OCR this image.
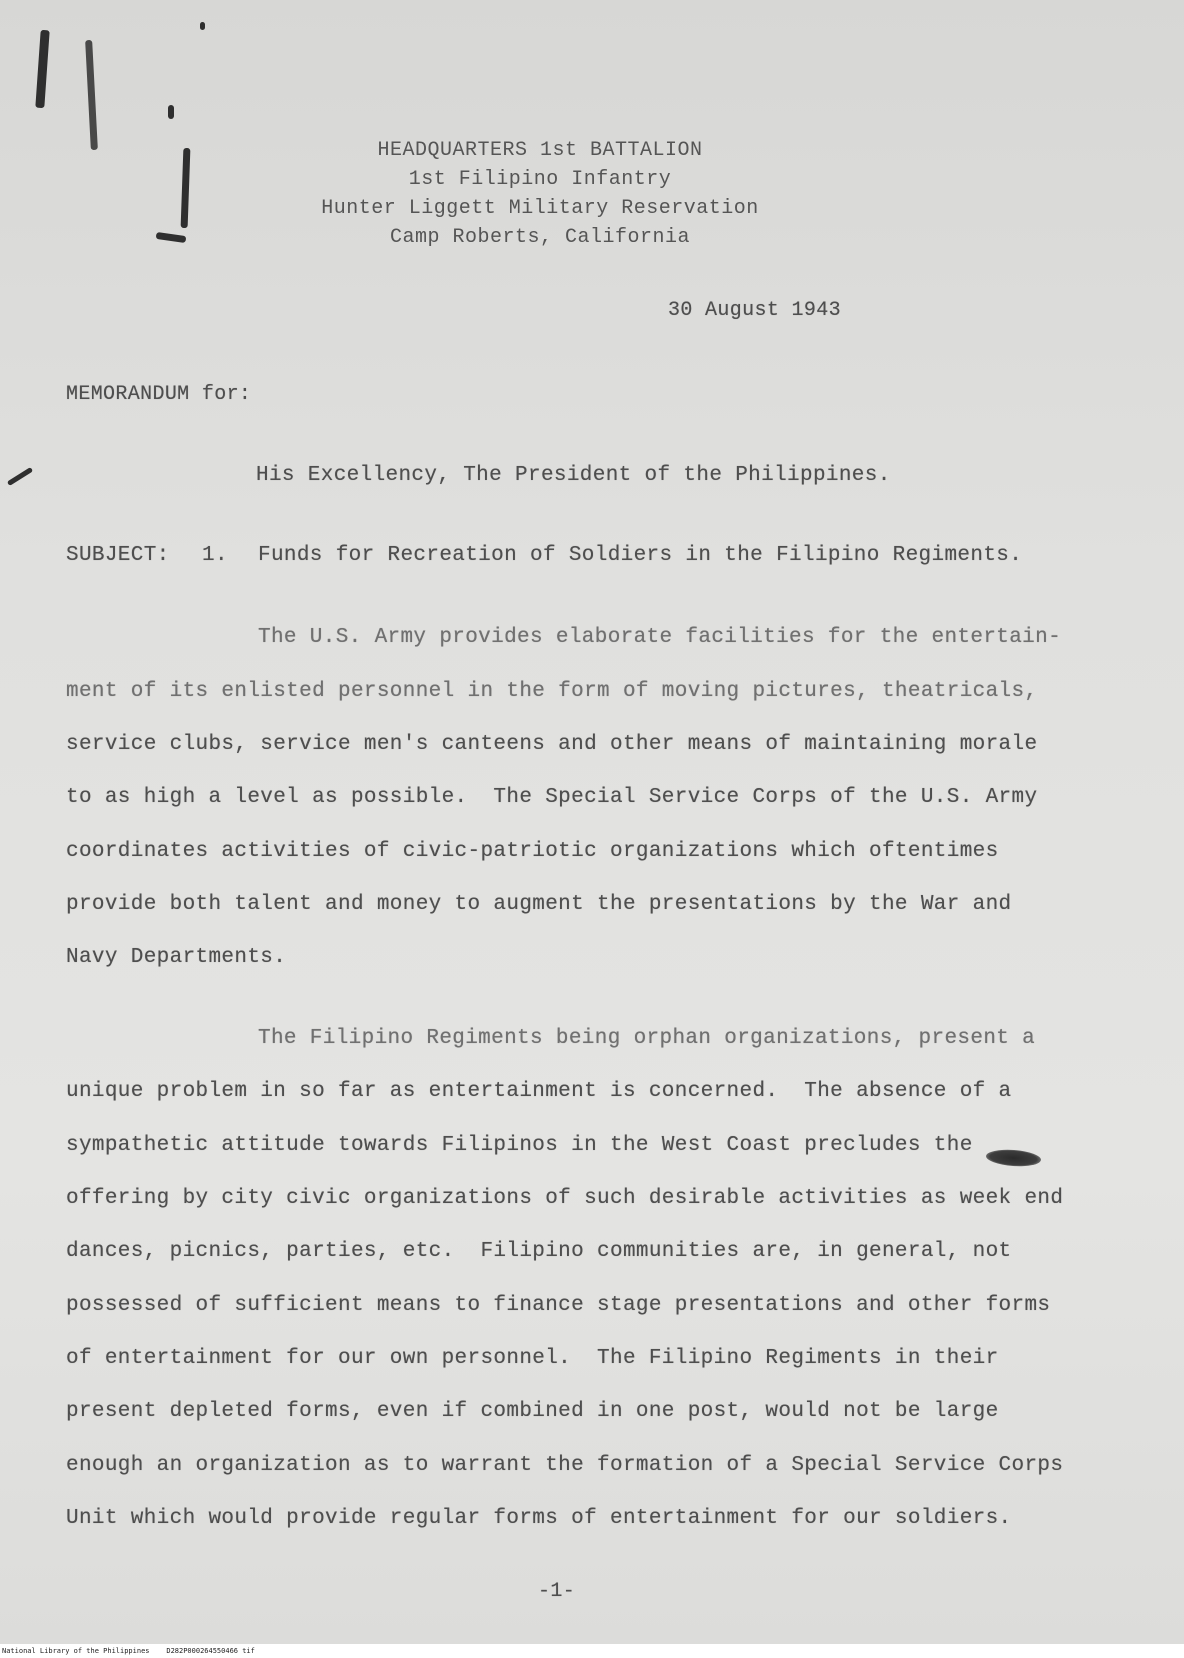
HEADQUARTERS 1st BATTALION
1st Filipino Infantry
Hunter Liggett Military Reservation
Camp Roberts, California
30 August 1943
MEMORANDUM for:
His Excellency, The President of the Philippines.
SUBJECT: 1. Funds for Recreation of Soldiers in the Filipino Regiments.
The U.S. Army provides elaborate facilities for the entertain-
ment of its enlisted personnel in the form of moving pictures, theatricals,
service clubs, service men's canteens and other means of maintaining morale
to as high a level as possible.  The Special Service Corps of the U.S. Army
coordinates activities of civic-patriotic organizations which oftentimes
provide both talent and money to augment the presentations by the War and
Navy Departments.
The Filipino Regiments being orphan organizations, present a
unique problem in so far as entertainment is concerned.  The absence of a
sympathetic attitude towards Filipinos in the West Coast precludes the
offering by city civic organizations of such desirable activities as week end
dances, picnics, parties, etc.  Filipino communities are, in general, not
possessed of sufficient means to finance stage presentations and other forms
of entertainment for our own personnel.  The Filipino Regiments in their
present depleted forms, even if combined in one post, would not be large
enough an organization as to warrant the formation of a Special Service Corps
Unit which would provide regular forms of entertainment for our soldiers.
-1-
National Library of the Philippines    D282P000264550466 tif
